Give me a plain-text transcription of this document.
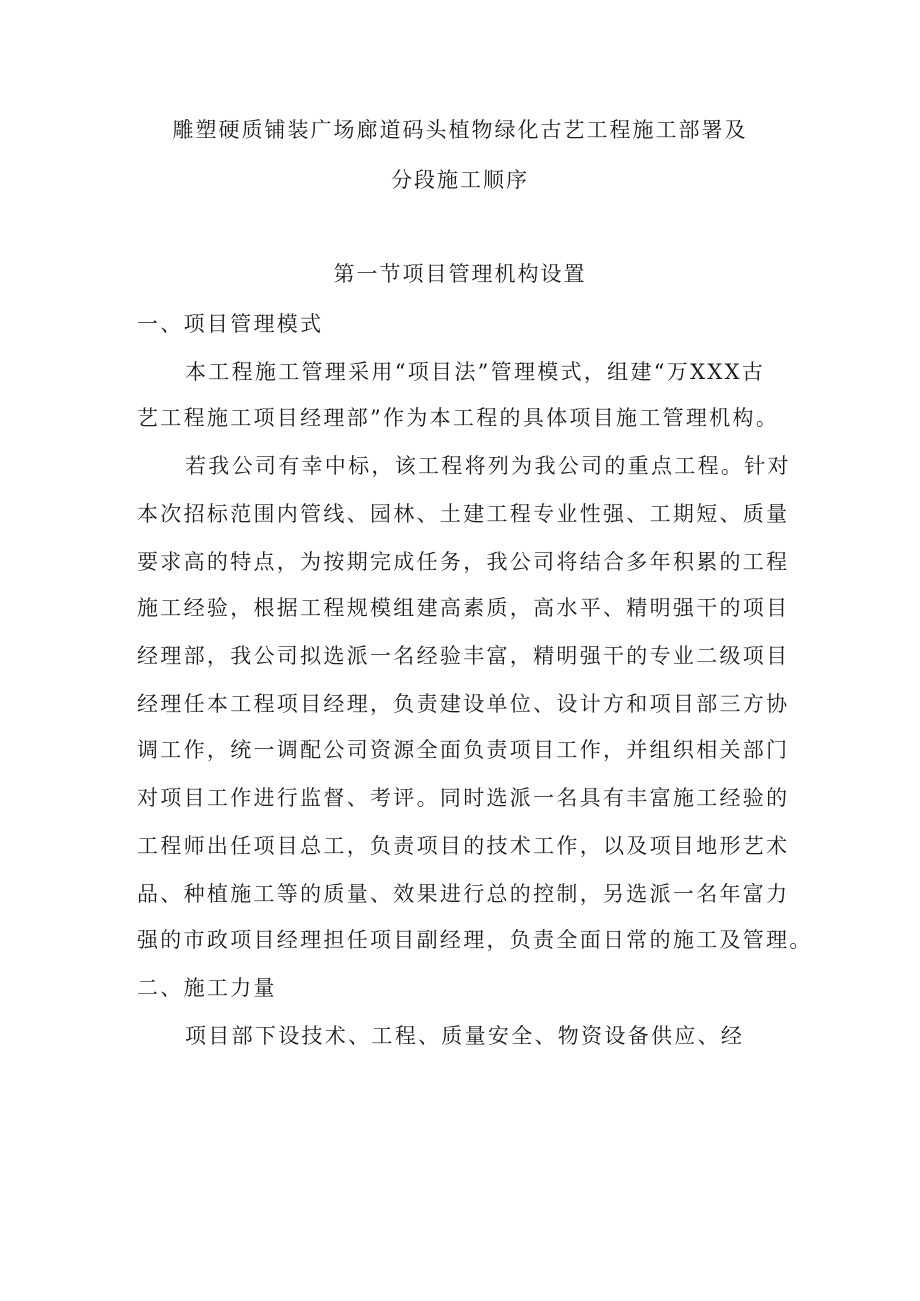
雕塑硬质铺装广场廊道码头植物绿化古艺工程施工部署及
分段施工顺序
第一节项目管理机构设置
一、项目管理模式
本工程施工管理采用“项目法”管理模式，组建“万XXX古
艺工程施工项目经理部”作为本工程的具体项目施工管理机构。
若我公司有幸中标，该工程将列为我公司的重点工程。针对
本次招标范围内管线、园林、土建工程专业性强、工期短、质量
要求高的特点，为按期完成任务，我公司将结合多年积累的工程
施工经验，根据工程规模组建高素质，高水平、精明强干的项目
经理部，我公司拟选派一名经验丰富，精明强干的专业二级项目
经理任本工程项目经理，负责建设单位、设计方和项目部三方协
调工作，统一调配公司资源全面负责项目工作，并组织相关部门
对项目工作进行监督、考评。同时选派一名具有丰富施工经验的
工程师出任项目总工，负责项目的技术工作，以及项目地形艺术
品、种植施工等的质量、效果进行总的控制，另选派一名年富力
强的市政项目经理担任项目副经理，负责全面日常的施工及管理。
二、施工力量
项目部下设技术、工程、质量安全、物资设备供应、经
